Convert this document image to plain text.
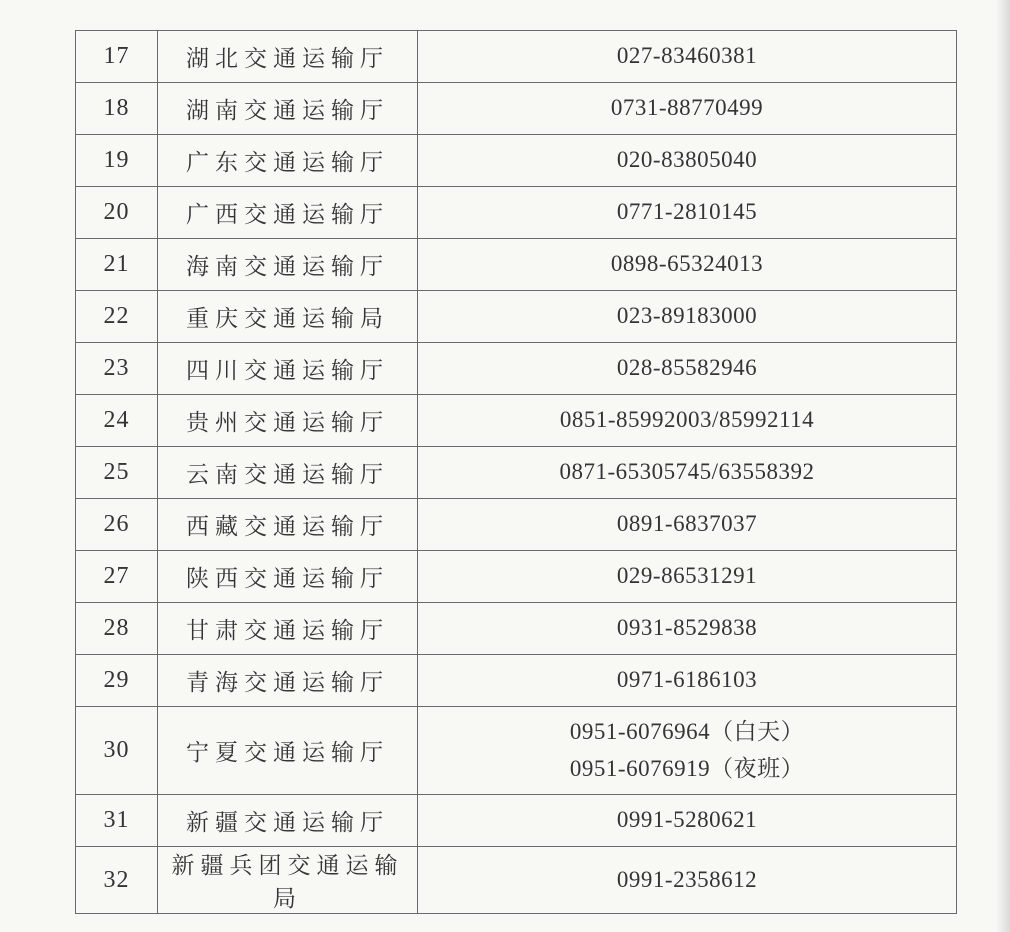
17	湖北交通运输厅	027-83460381

18	湖南交通运输厅	0731-88770499

19	广东交通运输厅	020-83805040

20	广西交通运输厅	0771-2810145

21	海南交通运输厅	0898-65324013

22	重庆交通运输局	023-89183000

23	四川交通运输厅	028-85582946

24	贵州交通运输厅	0851-85992003/85992114

25	云南交通运输厅	0871-65305745/63558392

26	西藏交通运输厅	0891-6837037

27	陕西交通运输厅	029-86531291

28	甘肃交通运输厅	0931-8529838

29	青海交通运输厅	0971-6186103

30	宁夏交通运输厅	0951-6076964（白天）
0951-6076919（夜班）

31	新疆交通运输厅	0991-5280621

32	新疆兵团交通运输局	0991-2358612
